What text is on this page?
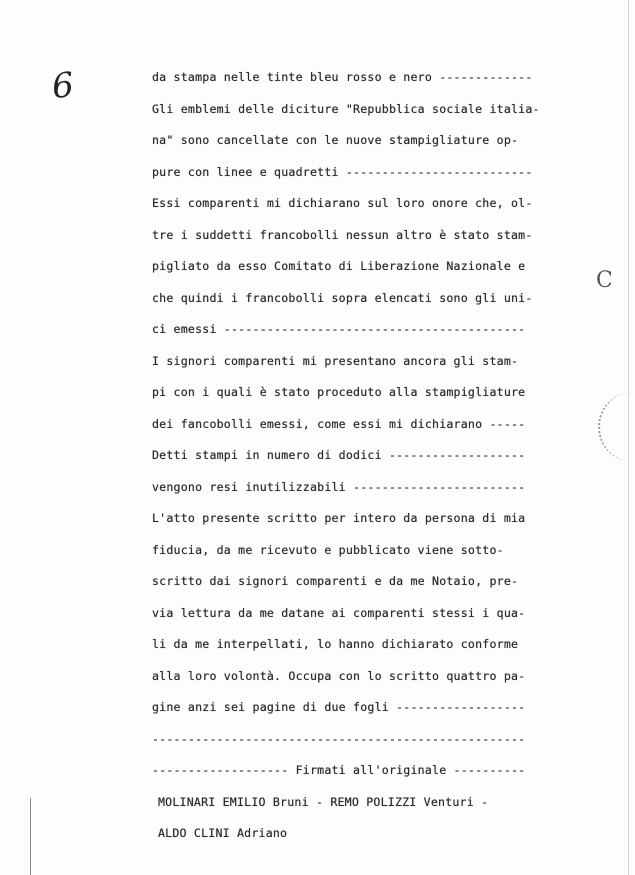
6
C
da stampa nelle tinte bleu rosso e nero -------------
Gli emblemi delle diciture "Repubblica sociale italia-
na" sono cancellate con le nuove stampigliature op-
pure con linee e quadretti --------------------------
Essi comparenti mi dichiarano sul loro onore che, ol-
tre i suddetti francobolli nessun altro è stato stam-
pigliato da esso Comitato di Liberazione Nazionale e
che quindi i francobolli sopra elencati sono gli uni-
ci emessi ------------------------------------------
I signori comparenti mi presentano ancora gli stam-
pi con i quali è stato proceduto alla stampigliature
dei fancobolli emessi, come essi mi dichiarano -----
Detti stampi in numero di dodici -------------------
vengono resi inutilizzabili ------------------------
L'atto presente scritto per intero da persona di mia
fiducia, da me ricevuto e pubblicato viene sotto-
scritto dai signori comparenti e da me Notaio, pre-
via lettura da me datane ai comparenti stessi i qua-
li da me interpellati, lo hanno dichiarato conforme
alla loro volontà. Occupa con lo scritto quattro pa-
gine anzi sei pagine di due fogli ------------------
----------------------------------------------------
------------------- Firmati all'originale ----------
MOLINARI EMILIO Bruni - REMO POLIZZI Venturi -
ALDO CLINI Adriano
